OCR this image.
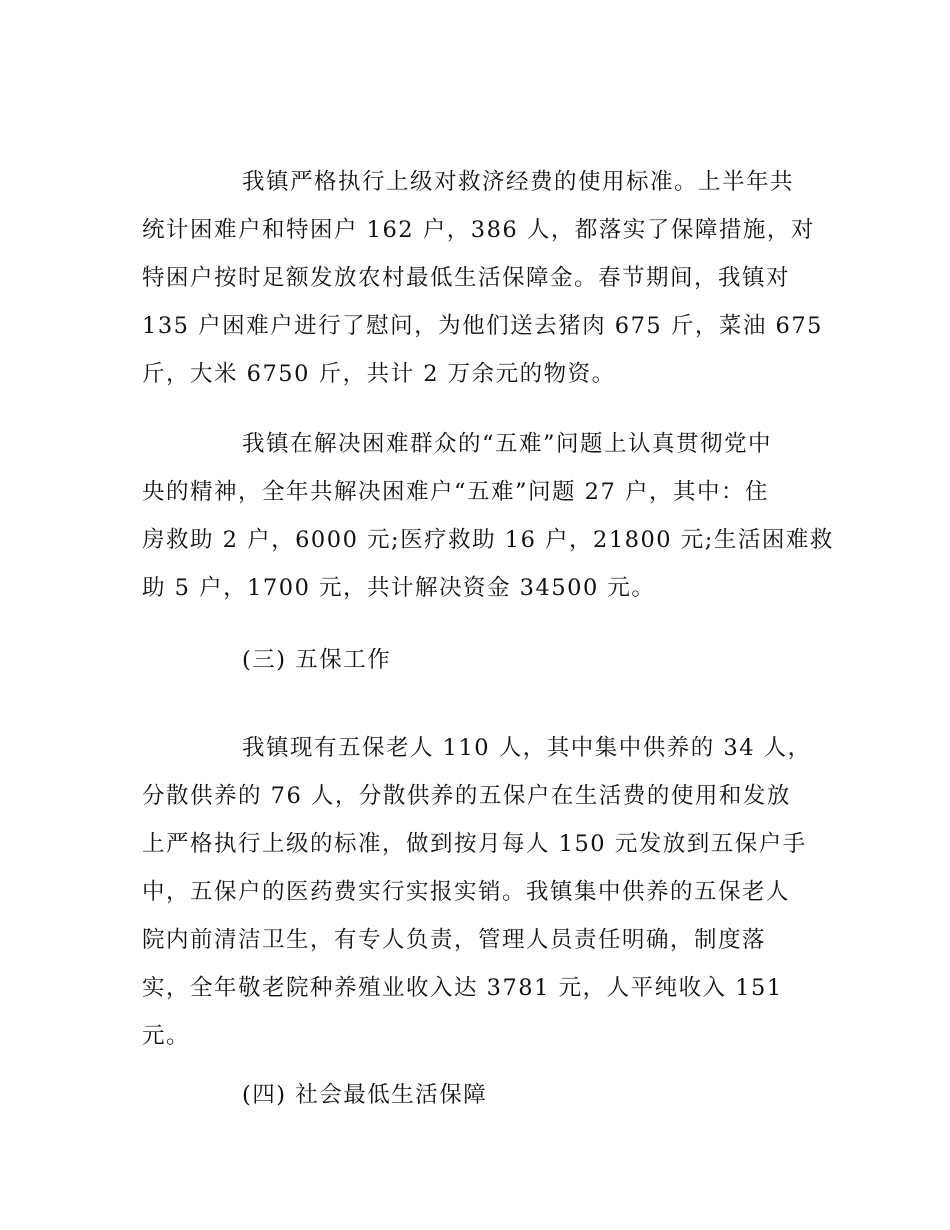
我镇严格执行上级对救济经费的使用标准。上半年共
统计困难户和特困户 162 户，386 人，都落实了保障措施，对
特困户按时足额发放农村最低生活保障金。春节期间，我镇对
135 户困难户进行了慰问，为他们送去猪肉 675 斤，菜油 675
斤，大米 6750 斤，共计 2 万余元的物资。

我镇在解决困难群众的“五难”问题上认真贯彻党中
央的精神，全年共解决困难户“五难”问题 27 户，其中：住
房救助 2 户，6000 元;医疗救助 16 户，21800 元;生活困难救
助 5 户，1700 元，共计解决资金 34500 元。

(三) 五保工作

我镇现有五保老人 110 人，其中集中供养的 34 人，
分散供养的 76 人，分散供养的五保户在生活费的使用和发放
上严格执行上级的标准，做到按月每人 150 元发放到五保户手
中，五保户的医药费实行实报实销。我镇集中供养的五保老人
院内前清洁卫生，有专人负责，管理人员责任明确，制度落
实，全年敬老院种养殖业收入达 3781 元，人平纯收入 151
元。

(四) 社会最低生活保障
